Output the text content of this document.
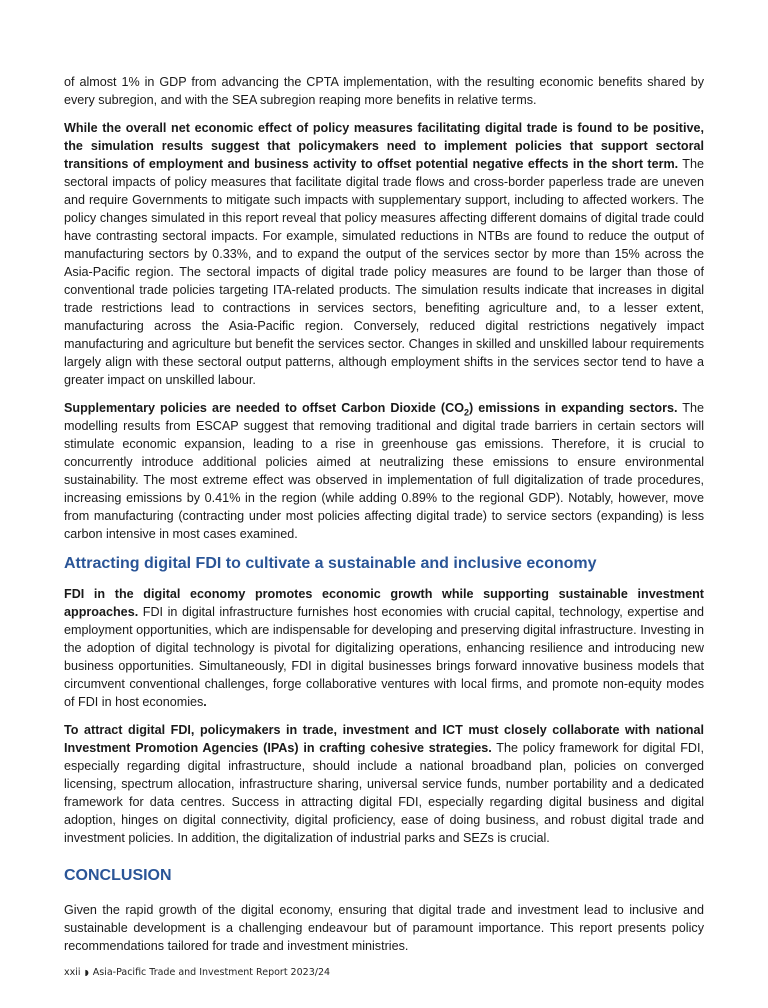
of almost 1% in GDP from advancing the CPTA implementation, with the resulting economic benefits shared by every subregion, and with the SEA subregion reaping more benefits in relative terms.

While the overall net economic effect of policy measures facilitating digital trade is found to be positive, the simulation results suggest that policymakers need to implement policies that support sectoral transitions of employment and business activity to offset potential negative effects in the short term. The sectoral impacts of policy measures that facilitate digital trade flows and cross-border paperless trade are uneven and require Governments to mitigate such impacts with supplementary support, including to affected workers. The policy changes simulated in this report reveal that policy measures affecting different domains of digital trade could have contrasting sectoral impacts. For example, simulated reductions in NTBs are found to reduce the output of manufacturing sectors by 0.33%, and to expand the output of the services sector by more than 15% across the Asia-Pacific region. The sectoral impacts of digital trade policy measures are found to be larger than those of conventional trade policies targeting ITA-related products. The simulation results indicate that increases in digital trade restrictions lead to contractions in services sectors, benefiting agriculture and, to a lesser extent, manufacturing across the Asia-Pacific region. Conversely, reduced digital restrictions negatively impact manufacturing and agriculture but benefit the services sector. Changes in skilled and unskilled labour requirements largely align with these sectoral output patterns, although employment shifts in the services sector tend to have a greater impact on unskilled labour.

Supplementary policies are needed to offset Carbon Dioxide $(CO_2)$ emissions in expanding sectors. The modelling results from ESCAP suggest that removing traditional and digital trade barriers in certain sectors will stimulate economic expansion, leading to a rise in greenhouse gas emissions. Therefore, it is crucial to concurrently introduce additional policies aimed at neutralizing these emissions to ensure environmental sustainability. The most extreme effect was observed in implementation of full digitalization of trade procedures, increasing emissions by 0.41% in the region (while adding 0.89% to the regional GDP). Notably, however, move from manufacturing (contracting under most policies affecting digital trade) to service sectors (expanding) is less carbon intensive in most cases examined.

Attracting digital FDI to cultivate a sustainable and inclusive economy

FDI in the digital economy promotes economic growth while supporting sustainable investment approaches. FDI in digital infrastructure furnishes host economies with crucial capital, technology, expertise and employment opportunities, which are indispensable for developing and preserving digital infrastructure. Investing in the adoption of digital technology is pivotal for digitalizing operations, enhancing resilience and introducing new business opportunities. Simultaneously, FDI in digital businesses brings forward innovative business models that circumvent conventional challenges, forge collaborative ventures with local firms, and promote non-equity modes of FDI in host economies.

To attract digital FDI, policymakers in trade, investment and ICT must closely collaborate with national Investment Promotion Agencies (IPAs) in crafting cohesive strategies. The policy framework for digital FDI, especially regarding digital infrastructure, should include a national broadband plan, policies on converged licensing, spectrum allocation, infrastructure sharing, universal service funds, number portability and a dedicated framework for data centres. Success in attracting digital FDI, especially regarding digital business and digital adoption, hinges on digital connectivity, digital proficiency, ease of doing business, and robust digital trade and investment policies. In addition, the digitalization of industrial parks and SEZs is crucial.

CONCLUSION

Given the rapid growth of the digital economy, ensuring that digital trade and investment lead to inclusive and sustainable development is a challenging endeavour but of paramount importance. This report presents policy recommendations tailored for trade and investment ministries.

xxii ◗ Asia-Pacific Trade and Investment Report 2023/24
